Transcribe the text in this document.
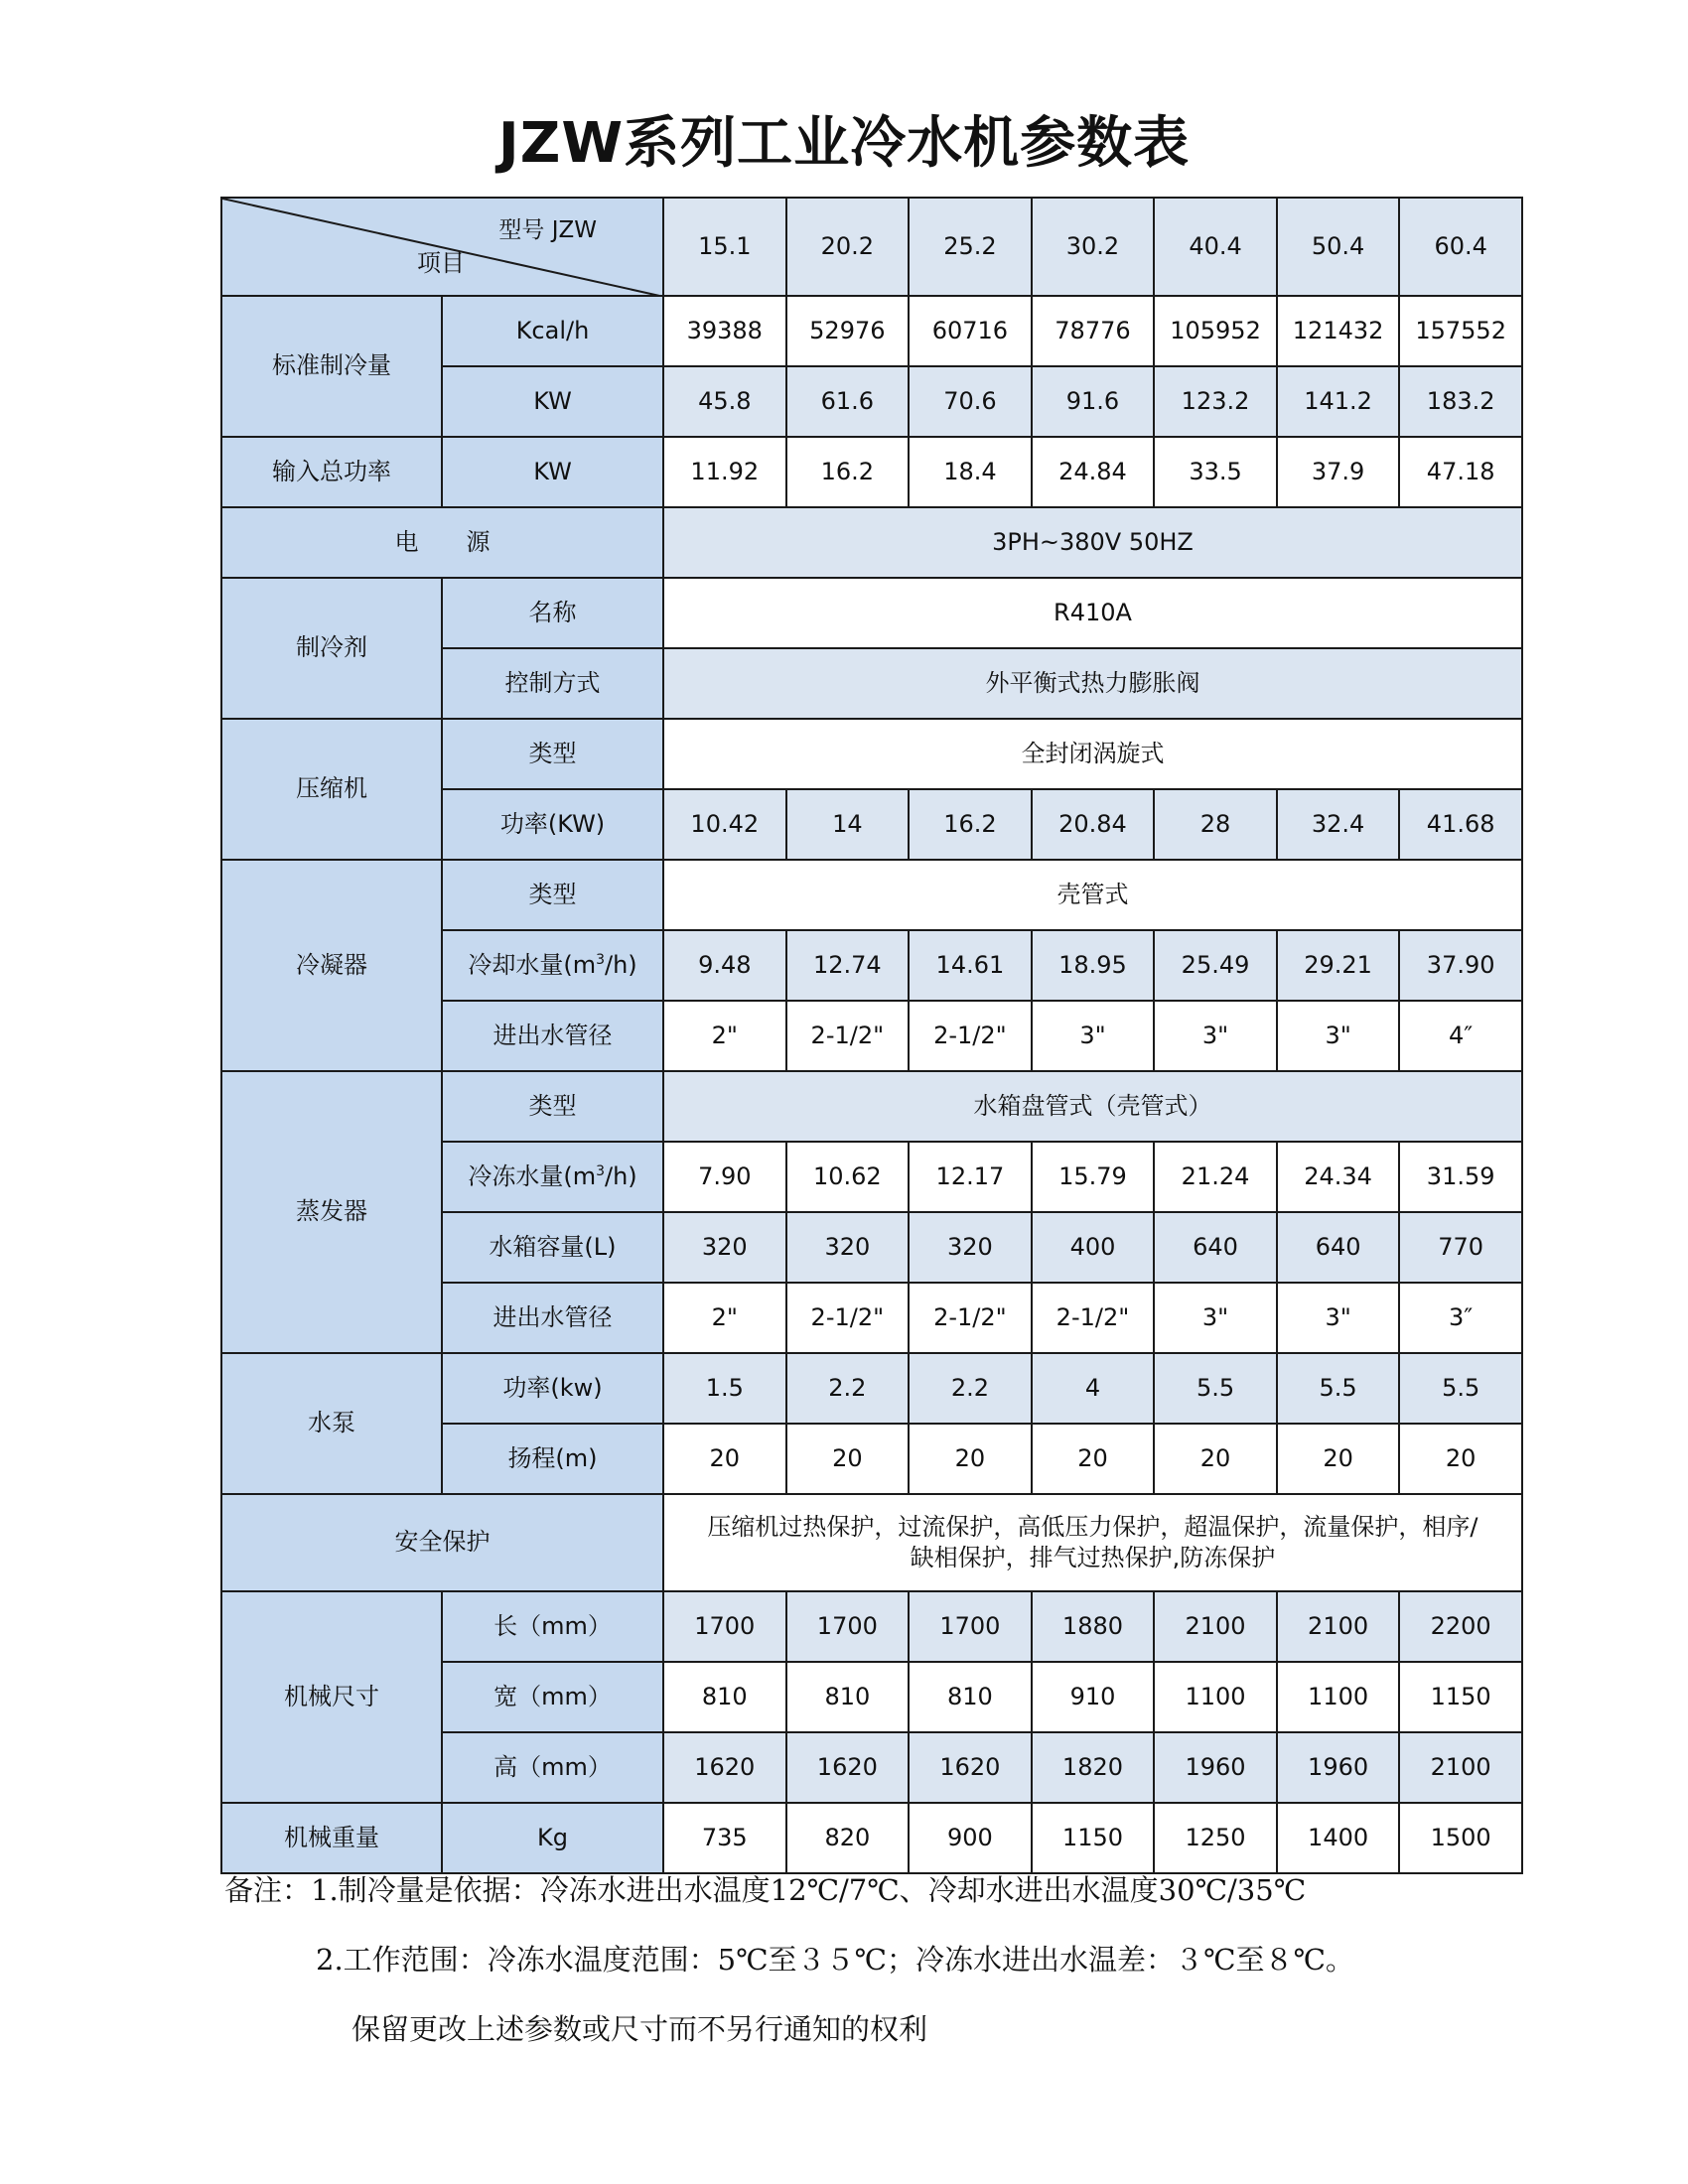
JZW系列工业冷水机参数表
型号 JZW
项目		15.1	20.2	25.2	30.2	40.4	50.4	60.4
标准制冷量	Kcal/h	39388	52976	60716	78776	105952	121432	157552
	KW	45.8	61.6	70.6	91.6	123.2	141.2	183.2
输入总功率	KW	11.92	16.2	18.4	24.84	33.5	37.9	47.18
电　　源		3PH~380V 50HZ						
制冷剂	名称	R410A						
	控制方式	外平衡式热力膨胀阀						
压缩机	类型	全封闭涡旋式						
	功率(KW)	10.42	14	16.2	20.84	28	32.4	41.68
冷凝器	类型	壳管式						
	冷却水量$(m^3/h)$	9.48	12.74	14.61	18.95	25.49	29.21	37.90
	进出水管径	2"	2-1/2"	2-1/2"	3"	3"	3"	4″
蒸发器	类型	水箱盘管式（壳管式）						
	冷冻水量$(m^3/h)$	7.90	10.62	12.17	15.79	21.24	24.34	31.59
	水箱容量(L)	320	320	320	400	640	640	770
	进出水管径	2"	2-1/2"	2-1/2"	2-1/2"	3"	3"	3″
水泵	功率(kw)	1.5	2.2	2.2	4	5.5	5.5	5.5
	扬程(m)	20	20	20	20	20	20	20
安全保护		压缩机过热保护，过流保护，高低压力保护，超温保护，流量保护，相序/
缺相保护，排气过热保护,防冻保护						

机械尺寸	长（mm）	1700	1700	1700	1880	2100	2100	2200
	宽（mm）	810	810	810	910	1100	1100	1150
	高（mm）	1620	1620	1620	1820	1960	1960	2100
机械重量	Kg	735	820	900	1150	1250	1400	1500
备注：1.制冷量是依据：冷冻水进出水温度12℃/7℃、冷却水进出水温度30℃/35℃
2.工作范围：冷冻水温度范围：5℃至３５℃；冷冻水进出水温差：３℃至８℃。
保留更改上述参数或尺寸而不另行通知的权利
